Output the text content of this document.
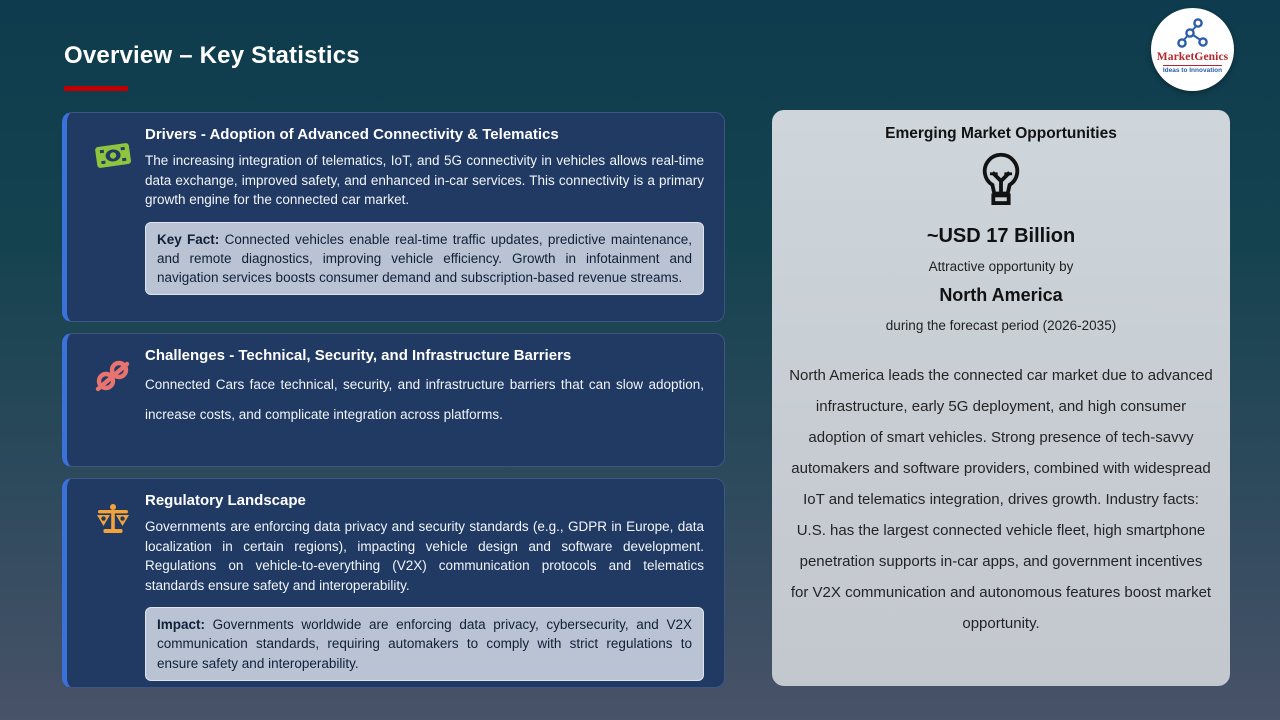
Overview – Key Statistics	MarketGenics
Ideas to Innovation
Drivers - Adoption of Advanced Connectivity & Telematics
The increasing integration of telematics, IoT, and 5G connectivity in vehicles allows real-time data exchange, improved safety, and enhanced in-car services. This connectivity is a primary growth engine for the connected car market.
Key Fact: Connected vehicles enable real-time traffic updates, predictive maintenance, and remote diagnostics, improving vehicle efficiency. Growth in infotainment and navigation services boosts consumer demand and subscription-based revenue streams.
Challenges - Technical, Security, and Infrastructure Barriers
Connected Cars face technical, security, and infrastructure barriers that can slow adoption, increase costs, and complicate integration across platforms.
Regulatory Landscape
Governments are enforcing data privacy and security standards (e.g., GDPR in Europe, data localization in certain regions), impacting vehicle design and software development. Regulations on vehicle-to-everything (V2X) communication protocols and telematics standards ensure safety and interoperability.
Impact: Governments worldwide are enforcing data privacy, cybersecurity, and V2X communication standards, requiring automakers to comply with strict regulations to ensure safety and interoperability.
Emerging Market Opportunities
~USD 17 Billion
Attractive opportunity by
North America
during the forecast period (2026-2035)
North America leads the connected car market due to advanced infrastructure, early 5G deployment, and high consumer adoption of smart vehicles. Strong presence of tech-savvy automakers and software providers, combined with widespread IoT and telematics integration, drives growth. Industry facts: U.S. has the largest connected vehicle fleet, high smartphone penetration supports in-car apps, and government incentives for V2X communication and autonomous features boost market opportunity.
